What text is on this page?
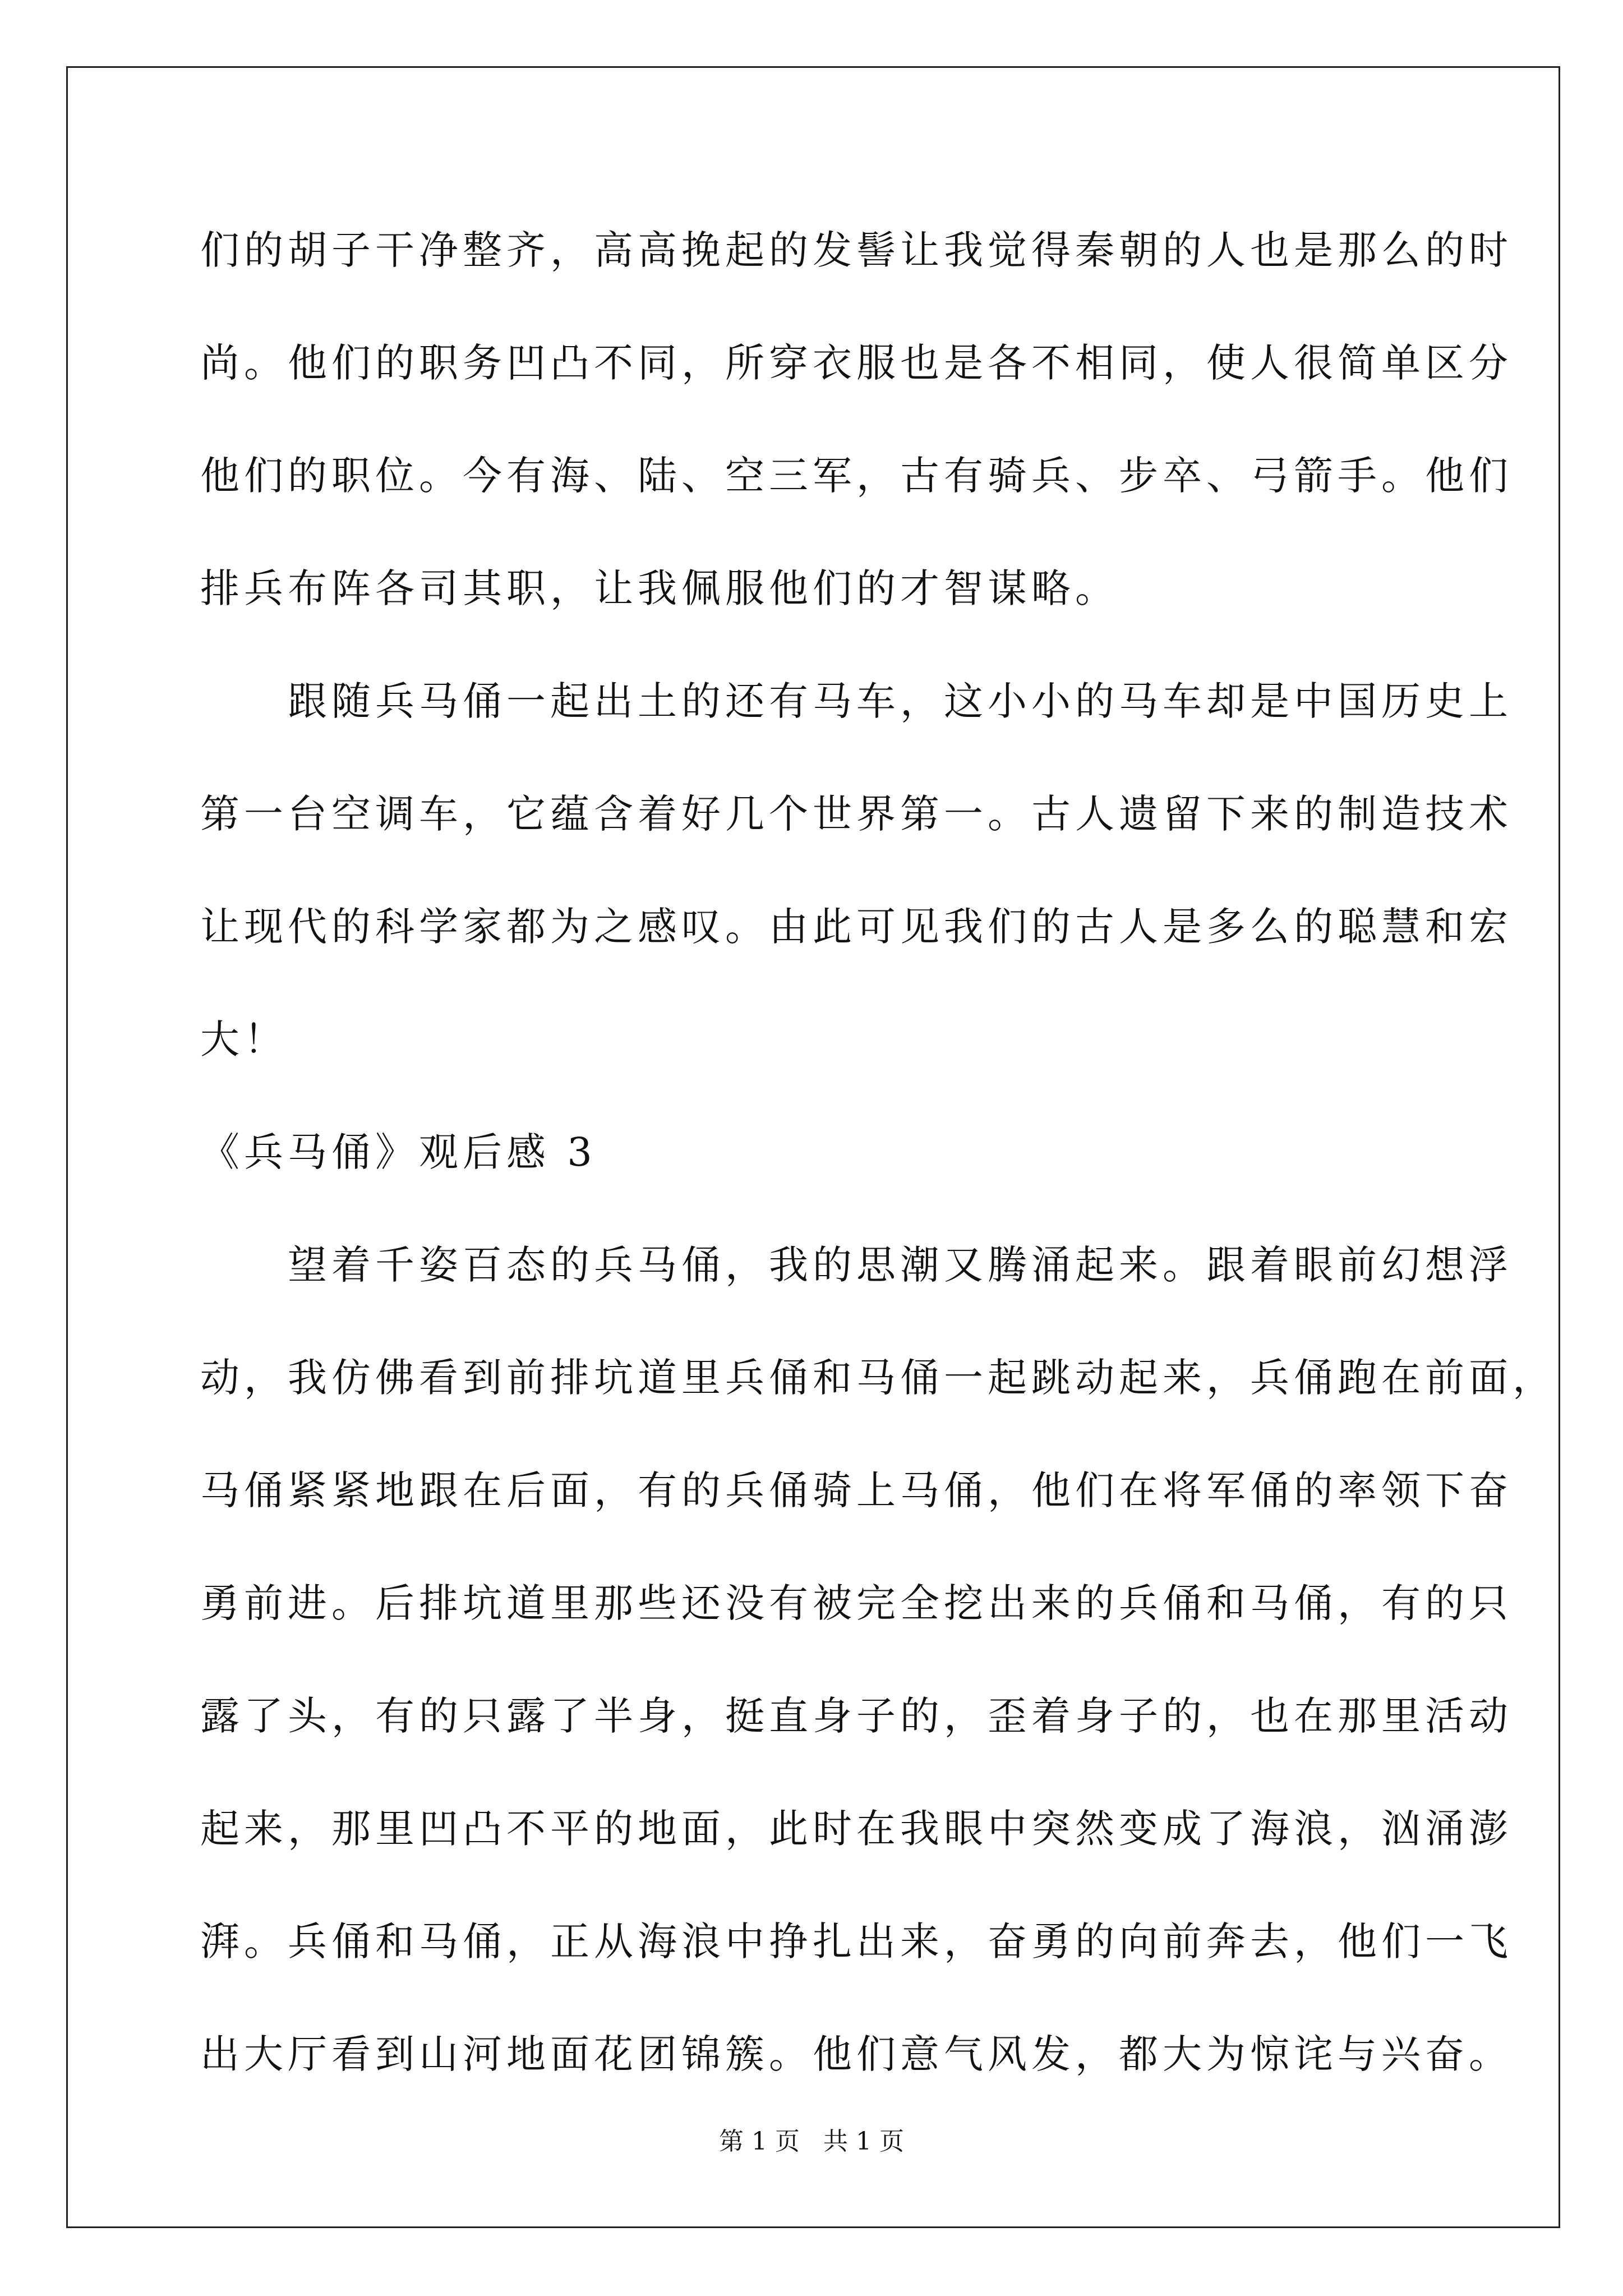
们的胡子干净整齐，高高挽起的发髻让我觉得秦朝的人也是那么的时
尚。他们的职务凹凸不同，所穿衣服也是各不相同，使人很简单区分
他们的职位。今有海、陆、空三军，古有骑兵、步卒、弓箭手。他们
排兵布阵各司其职，让我佩服他们的才智谋略。
　　跟随兵马俑一起出土的还有马车，这小小的马车却是中国历史上
第一台空调车，它蕴含着好几个世界第一。古人遗留下来的制造技术
让现代的科学家都为之感叹。由此可见我们的古人是多么的聪慧和宏
大！
《兵马俑》观后感 3
　　望着千姿百态的兵马俑，我的思潮又腾涌起来。跟着眼前幻想浮
动，我仿佛看到前排坑道里兵俑和马俑一起跳动起来，兵俑跑在前面，
马俑紧紧地跟在后面，有的兵俑骑上马俑，他们在将军俑的率领下奋
勇前进。后排坑道里那些还没有被完全挖出来的兵俑和马俑，有的只
露了头，有的只露了半身，挺直身子的，歪着身子的，也在那里活动
起来，那里凹凸不平的地面，此时在我眼中突然变成了海浪，汹涌澎
湃。兵俑和马俑，正从海浪中挣扎出来，奋勇的向前奔去，他们一飞
出大厅看到山河地面花团锦簇。他们意气风发，都大为惊诧与兴奋。
第 1 页 共 1 页
